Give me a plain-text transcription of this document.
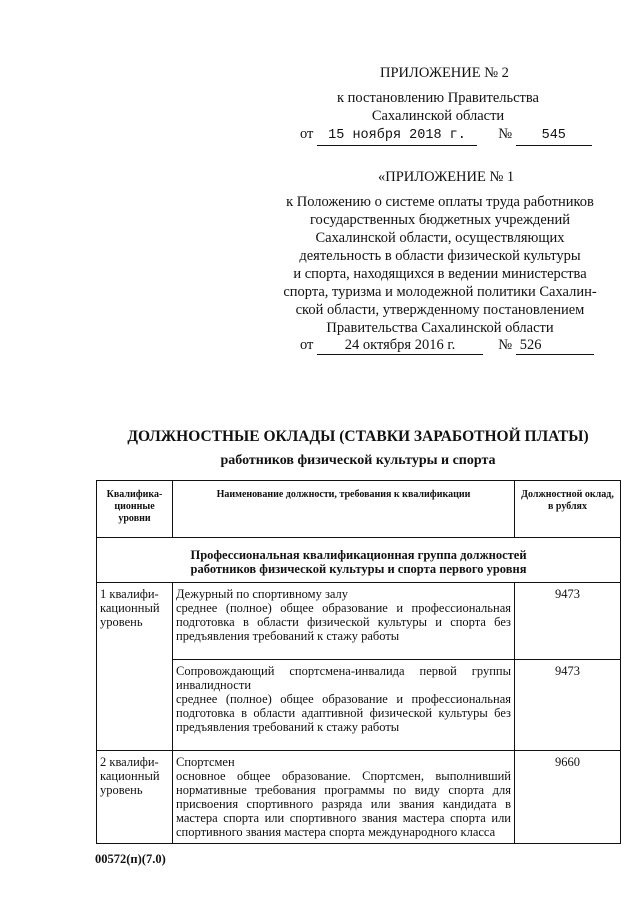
ПРИЛОЖЕНИЕ № 2
к постановлению Правительства
Сахалинской области
от 15 ноября 2018 г. № 545
«ПРИЛОЖЕНИЕ № 1
к Положению о системе оплаты труда работников
государственных бюджетных учреждений
Сахалинской области, осуществляющих
деятельность в области физической культуры
и спорта, находящихся в ведении министерства
спорта, туризма и молодежной политики Сахалин-
ской области, утвержденному постановлением
Правительства Сахалинской области
от 24 октября 2016 г.	№ 526
ДОЛЖНОСТНЫЕ ОКЛАДЫ (СТАВКИ ЗАРАБОТНОЙ ПЛАТЫ)
работников физической культуры и спорта
Квалифика-ционные уровни	Наименование должности, требования к квалификации	Должностной оклад, в рублях

Профессиональная квалификационная группа должностей
работников физической культуры и спорта первого уровня		

1 квалифи-кационный уровень	Дежурный по спортивному залу
среднее (полное) общее образование и профессиональная подготовка в области физической культуры и спорта без предъявления требований к стажу работы	9473

	Сопровождающий спортсмена-инвалида первой группы инвалидности
среднее (полное) общее образование и профессиональная подготовка в области адаптивной физической культуры без предъявления требований к стажу работы	9473
2 квалифи-кационный уровень	Спортсмен
основное общее образование. Спортсмен, выполнивший нормативные требования программы по виду спорта для присвоения спортивного разряда или звания кандидата в мастера спорта или спортивного звания мастера спорта или спортивного звания мастера спорта международного класса	9660
00572(п)(7.0)
